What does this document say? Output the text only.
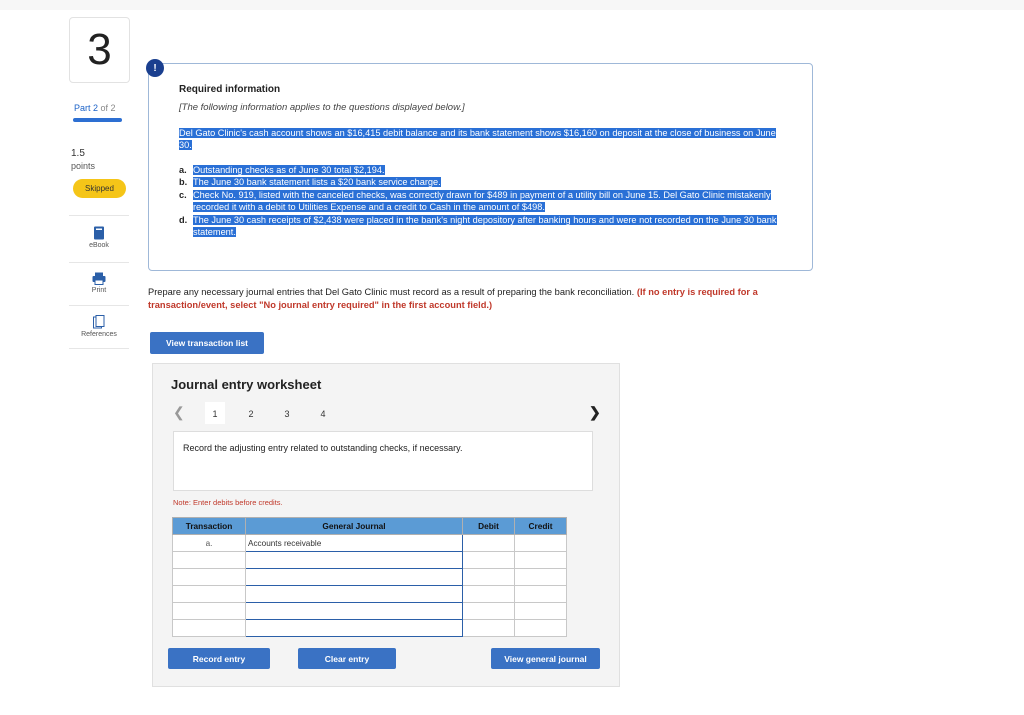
3
Part 2 of 2
1.5
points
Skipped
eBook
Print
References
Required information
[The following information applies to the questions displayed below.]
Del Gato Clinic's cash account shows an $16,415 debit balance and its bank statement shows $16,160 on deposit at the close of business on June 30.
a. Outstanding checks as of June 30 total $2,194.
b. The June 30 bank statement lists a $20 bank service charge.
c. Check No. 919, listed with the canceled checks, was correctly drawn for $489 in payment of a utility bill on June 15. Del Gato Clinic mistakenly recorded it with a debit to Utilities Expense and a credit to Cash in the amount of $498.
d. The June 30 cash receipts of $2,438 were placed in the bank's night depository after banking hours and were not recorded on the June 30 bank statement.
!
Prepare any necessary journal entries that Del Gato Clinic must record as a result of preparing the bank reconciliation. (If no entry is required for a transaction/event, select "No journal entry required" in the first account field.)
View transaction list
Journal entry worksheet
❮	1	2	3	4	❯
Record the adjusting entry related to outstanding checks, if necessary.
Note: Enter debits before credits.
Transaction	General Journal	Debit	Credit
a.	Accounts receivable		

Record entry	Clear entry	View general journal
